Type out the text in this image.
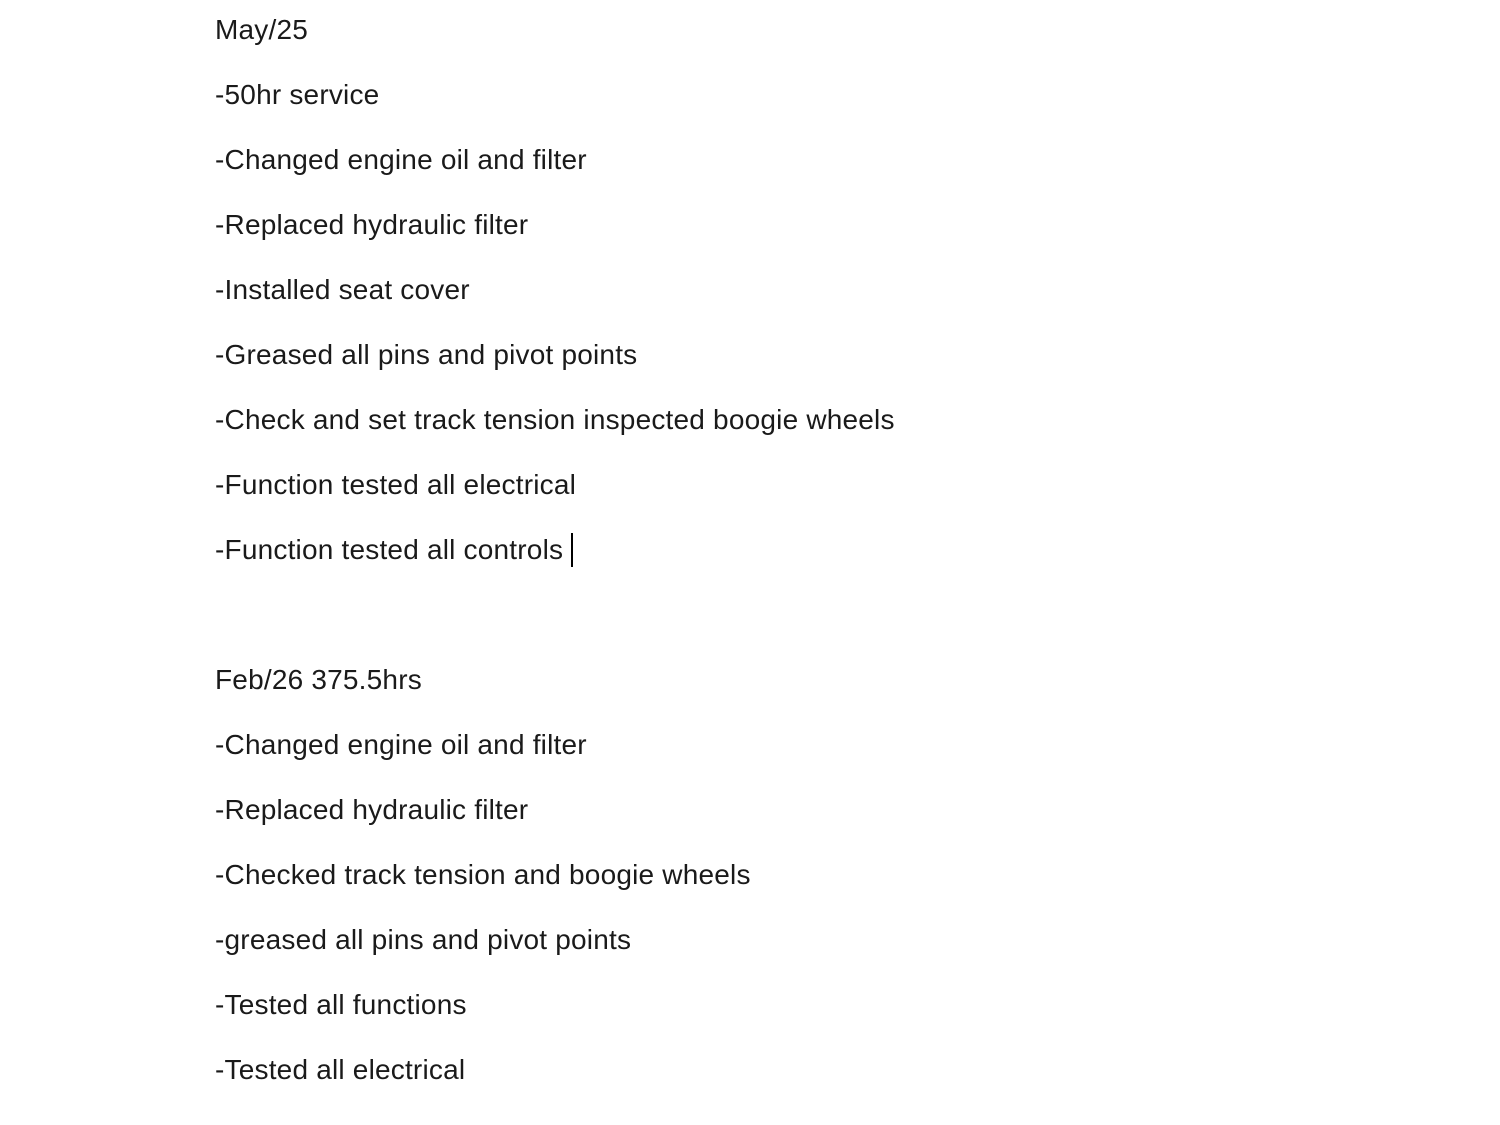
May/25
-50hr service
-Changed engine oil and filter
-Replaced hydraulic filter
-Installed seat cover
-Greased all pins and pivot points
-Check and set track tension inspected boogie wheels
-Function tested all electrical
-Function tested all controls
Feb/26 375.5hrs
-Changed engine oil and filter
-Replaced hydraulic filter
-Checked track tension and boogie wheels
-greased all pins and pivot points
-Tested all functions
-Tested all electrical
